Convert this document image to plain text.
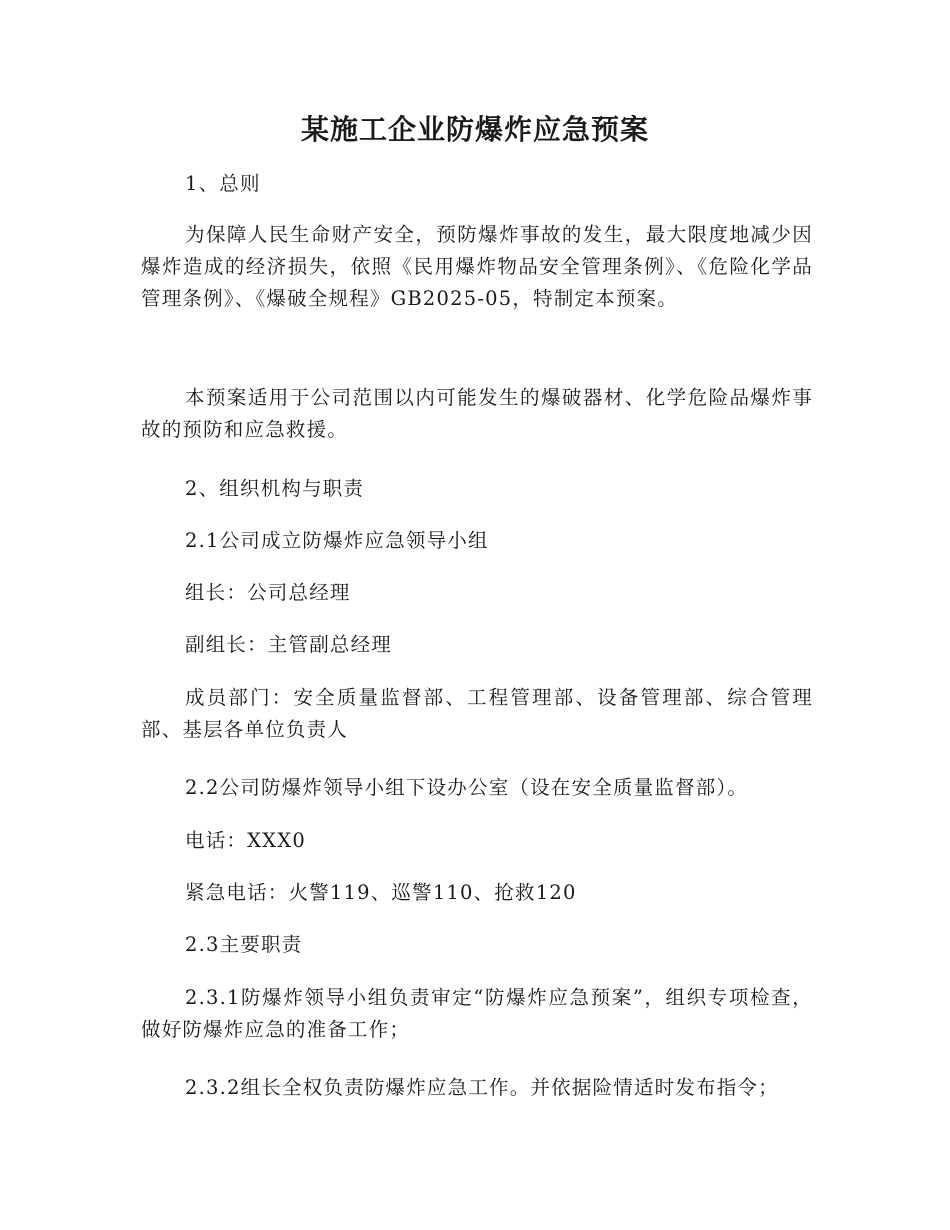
某施工企业防爆炸应急预案

1、总则

为保障人民生命财产安全，预防爆炸事故的发生，最大限度地减少因爆炸造成的经济损失，依照《民用爆炸物品安全管理条例》、《危险化学品管理条例》、《爆破全规程》GB2025-05，特制定本预案。

本预案适用于公司范围以内可能发生的爆破器材、化学危险品爆炸事故的预防和应急救援。

2、组织机构与职责

2.1公司成立防爆炸应急领导小组

组长：公司总经理

副组长：主管副总经理

成员部门：安全质量监督部、工程管理部、设备管理部、综合管理部、基层各单位负责人

2.2公司防爆炸领导小组下设办公室（设在安全质量监督部）。

电话：XXX0

紧急电话：火警119、巡警110、抢救120

2.3主要职责

2.3.1防爆炸领导小组负责审定“防爆炸应急预案”，组织专项检查，做好防爆炸应急的准备工作；

2.3.2组长全权负责防爆炸应急工作。并依据险情适时发布指令；
